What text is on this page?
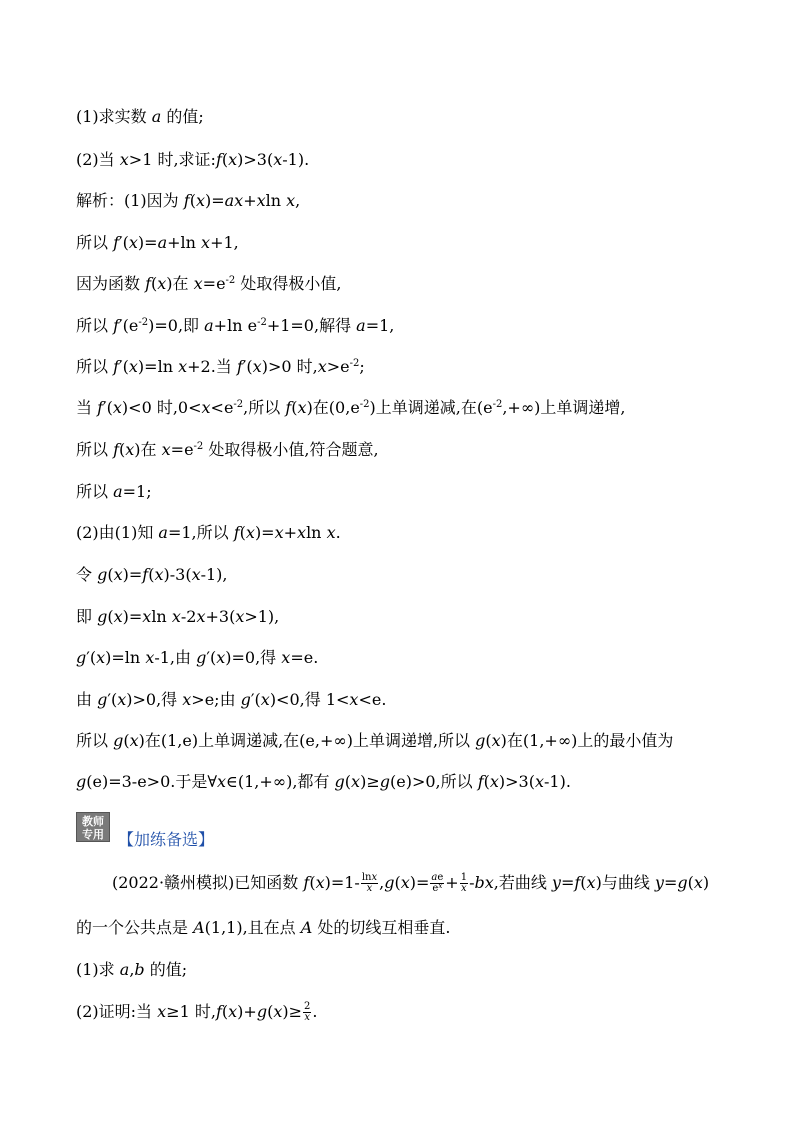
(1)求实数 a 的值;
(2)当 x>1 时,求证:f(x)>3(x-1).
解析：(1)因为 f(x)=ax+xln x,
所以 f′(x)=a+ln x+1,
因为函数 f(x)在 $x=e^{-2}$ 处取得极小值,
所以 $f'(e^{-2})=0$,即 a+ln $e^{-2}+1=0$,解得 a=1,
所以 f′(x)=ln x+2.当 f′(x)>0 时$,x>e^{-2}$;
当 f′(x)<0 时$,0<x<e^{-2}$,所以 f(x)在$(0,e^{-2})$上单调递减,在$(e^{-2},+\infty)$上单调递增,
所以 f(x)在 $x=e^{-2}$ 处取得极小值,符合题意,
所以 a=1;
(2)由(1)知 a=1,所以 f(x)=x+xln x.
令 g(x)=f(x)-3(x-1),
即 g(x)=xln x-2x+3(x>1),
g′(x)=ln x-1,由 g′(x)=0,得 x=e.
由 g′(x)>0,得 x>e;由 g′(x)<0,得 1<x<e.
所以 g(x)在(1,e)上单调递减,在(e,+∞)上单调递增,所以 g(x)在(1,+∞)上的最小值为
g(e)=3-e>0.于是∀x∈(1,+∞),都有 g(x)≥g(e)>0,所以 f(x)>3(x-1).
教师
专用 【加练备选】
(2022·赣州模拟)已知函数 $f(x)=1- \frac{\ln x}{x} ,g(x)= \frac{ae}{e^x} + \frac{1}{x} -bx$,若曲线 y=f(x)与曲线 y=g(x)
的一个公共点是 A(1,1),且在点 A 处的切线互相垂直.
(1)求 a,b 的值;
(2)证明:当 x≥1 时$,f(x)+g(x)\ge \frac{2}{x}$ .
